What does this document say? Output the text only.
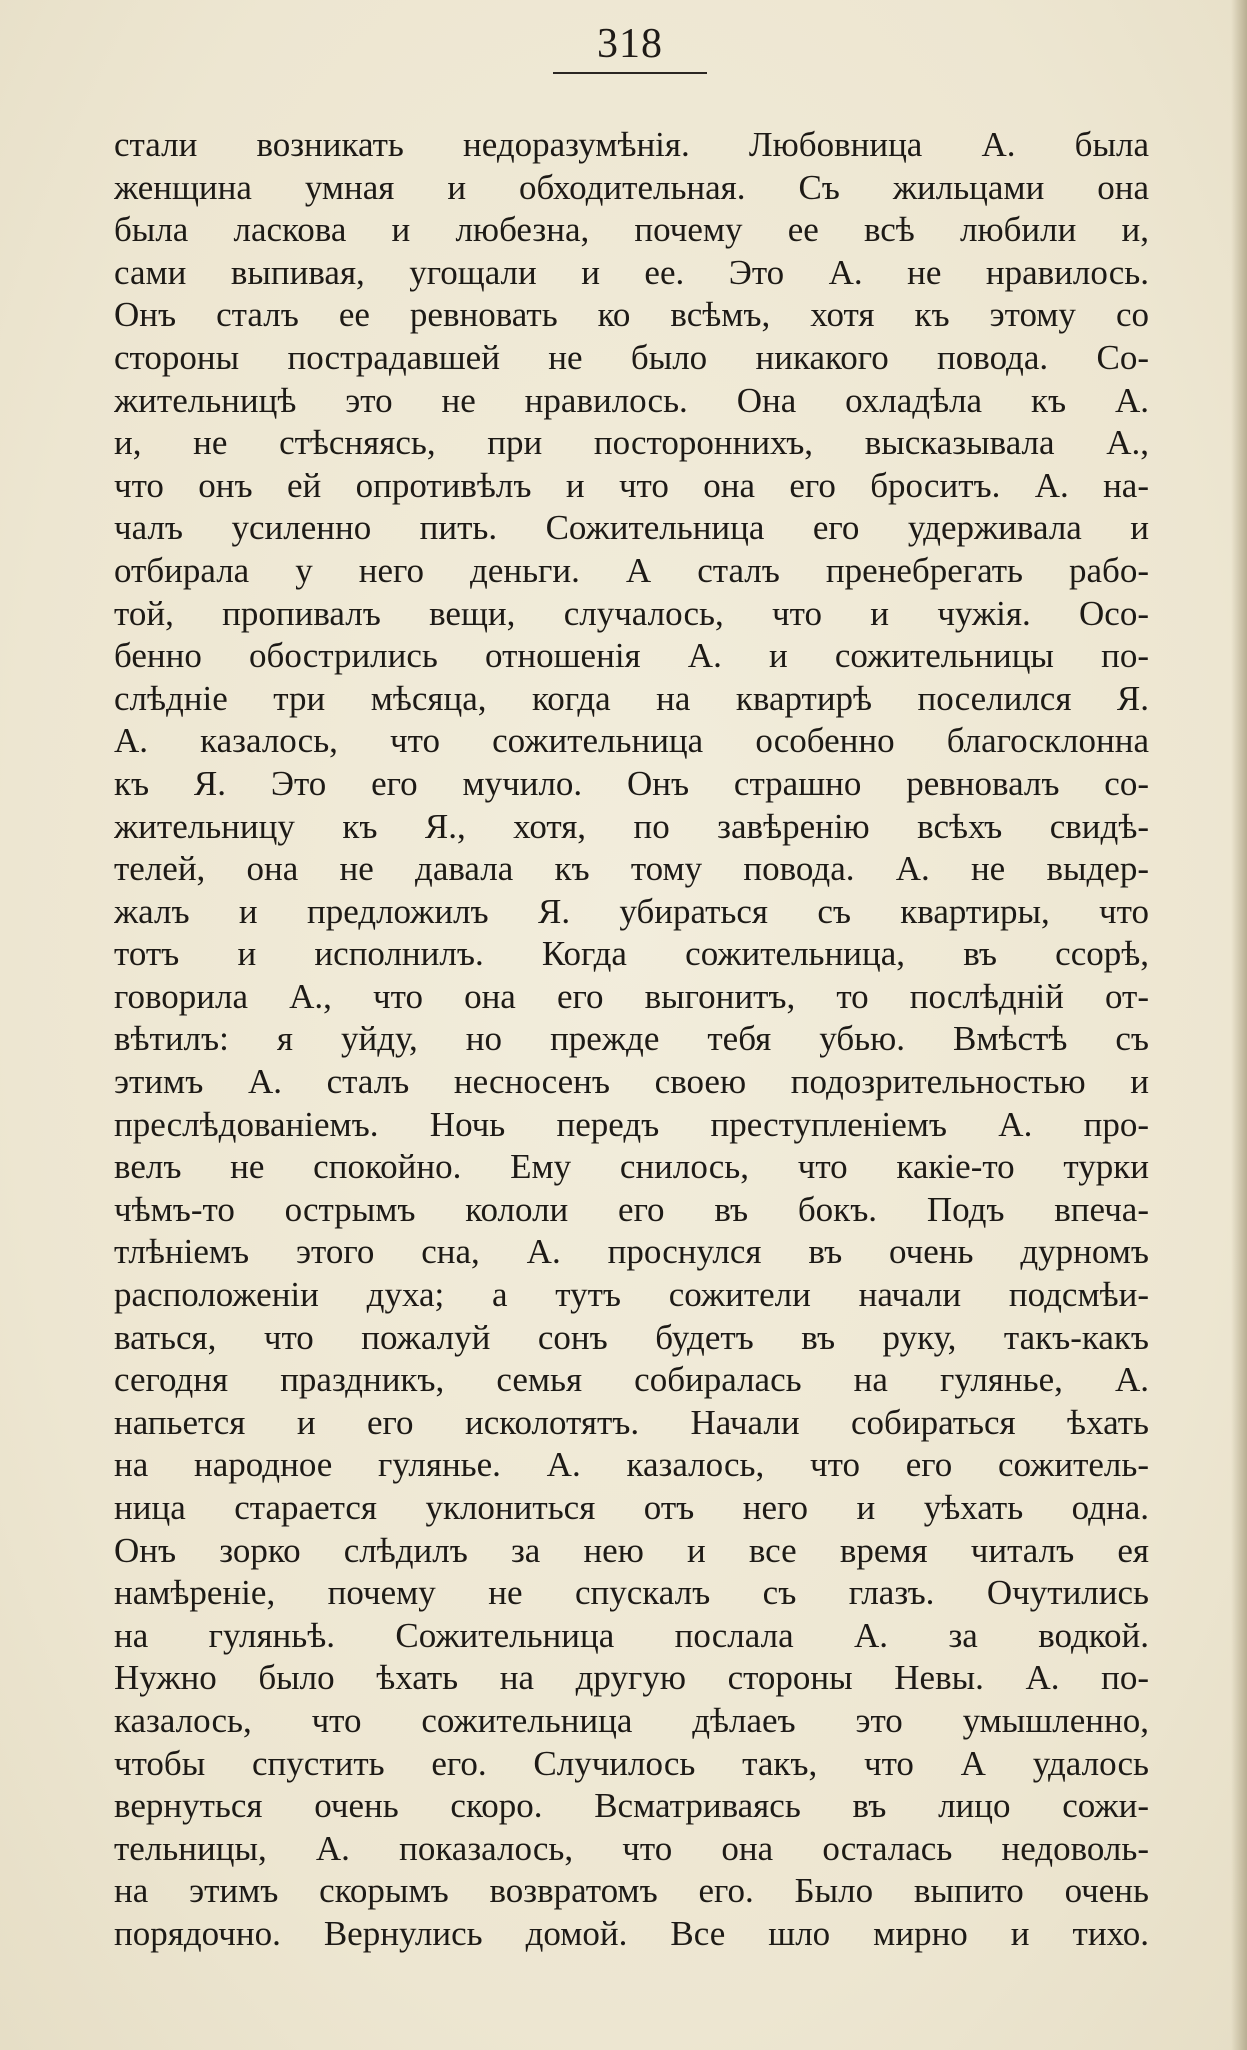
318
стали возникать недоразумѣнія. Любовница А. была
женщина умная и обходительная. Съ жильцами она
была ласкова и любезна, почему ее всѣ любили и,
сами выпивая, угощали и ее. Это А. не нравилось.
Онъ сталъ ее ревновать ко всѣмъ, хотя къ этому со
стороны пострадавшей не было никакого повода. Со-
жительницѣ это не нравилось. Она охладѣла къ А.
и, не стѣсняясь, при постороннихъ, высказывала А.,
что онъ ей опротивѣлъ и что она его броситъ. А. на-
чалъ усиленно пить. Сожительница его удерживала и
отбирала у него деньги. А сталъ пренебрегать рабо-
той, пропивалъ вещи, случалось, что и чужія. Осо-
бенно обострились отношенія А. и сожительницы по-
слѣдніе три мѣсяца, когда на квартирѣ поселился Я.
А. казалось, что сожительница особенно благосклонна
къ Я. Это его мучило. Онъ страшно ревновалъ со-
жительницу къ Я., хотя, по завѣренію всѣхъ свидѣ-
телей, она не давала къ тому повода. А. не выдер-
жалъ и предложилъ Я. убираться съ квартиры, что
тотъ и исполнилъ. Когда сожительница, въ ссорѣ,
говорила А., что она его выгонитъ, то послѣдній от-
вѣтилъ: я уйду, но прежде тебя убью. Вмѣстѣ съ
этимъ А. сталъ несносенъ своею подозрительностью и
преслѣдованіемъ. Ночь передъ преступленіемъ А. про-
велъ не спокойно. Ему снилось, что какіе-то турки
чѣмъ-то острымъ кололи его въ бокъ. Подъ впеча-
тлѣніемъ этого сна, А. проснулся въ очень дурномъ
расположеніи духа; а тутъ сожители начали подсмѣи-
ваться, что пожалуй сонъ будетъ въ руку, такъ-какъ
сегодня праздникъ, семья собиралась на гулянье, А.
напьется и его исколотятъ. Начали собираться ѣхать
на народное гулянье. А. казалось, что его сожитель-
ница старается уклониться отъ него и уѣхать одна.
Онъ зорко слѣдилъ за нею и все время читалъ ея
намѣреніе, почему не спускалъ съ глазъ. Очутились
на гуляньѣ. Сожительница послала А. за водкой.
Нужно было ѣхать на другую стороны Невы. А. по-
казалось, что сожительница дѣлаеъ это умышленно,
чтобы спустить его. Случилось такъ, что А удалось
вернуться очень скоро. Всматриваясь въ лицо сожи-
тельницы, А. показалось, что она осталась недоволь-
на этимъ скорымъ возвратомъ его. Было выпито очень
порядочно. Вернулись домой. Все шло мирно и тихо.
